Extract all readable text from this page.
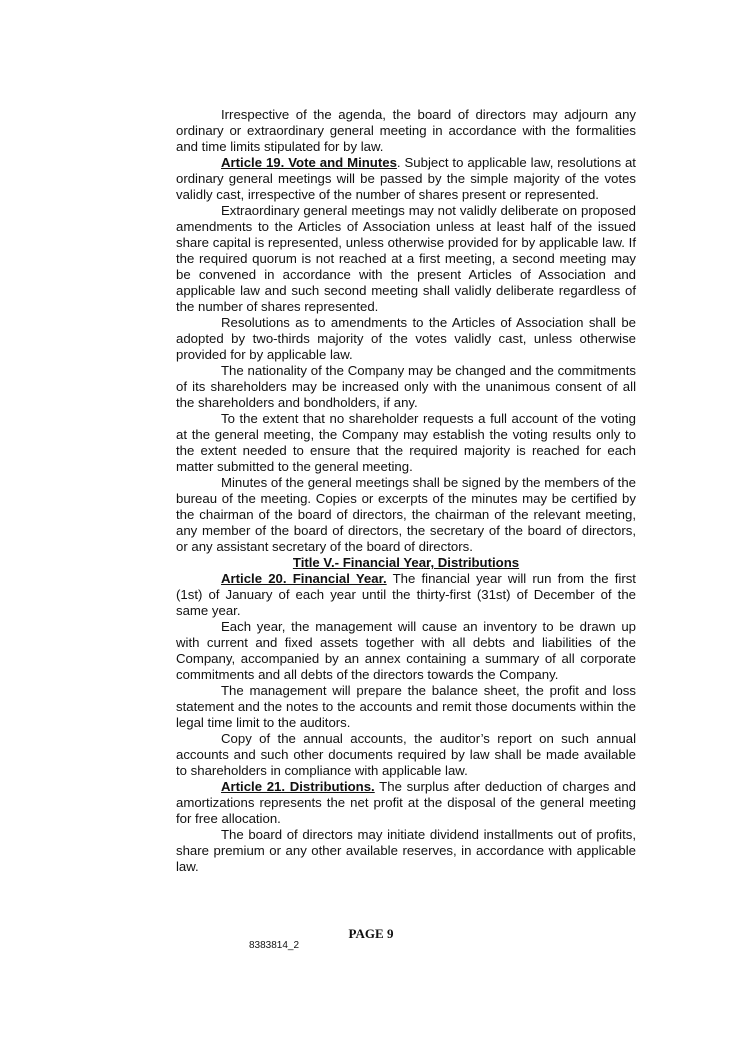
Irrespective of the agenda, the board of directors may adjourn any ordinary or extraordinary general meeting in accordance with the formalities and time limits stipulated for by law.

Article 19. Vote and Minutes. Subject to applicable law, resolutions at ordinary general meetings will be passed by the simple majority of the votes validly cast, irrespective of the number of shares present or represented.

Extraordinary general meetings may not validly deliberate on proposed amendments to the Articles of Association unless at least half of the issued share capital is represented, unless otherwise provided for by applicable law. If the required quorum is not reached at a first meeting, a second meeting may be convened in accordance with the present Articles of Association and applicable law and such second meeting shall validly deliberate regardless of the number of shares represented.

Resolutions as to amendments to the Articles of Association shall be adopted by two-thirds majority of the votes validly cast, unless otherwise provided for by applicable law.

The nationality of the Company may be changed and the commitments of its shareholders may be increased only with the unanimous consent of all the shareholders and bondholders, if any.

To the extent that no shareholder requests a full account of the voting at the general meeting, the Company may establish the voting results only to the extent needed to ensure that the required majority is reached for each matter submitted to the general meeting.

Minutes of the general meetings shall be signed by the members of the bureau of the meeting. Copies or excerpts of the minutes may be certified by the chairman of the board of directors, the chairman of the relevant meeting, any member of the board of directors, the secretary of the board of directors, or any assistant secretary of the board of directors.

Title V.- Financial Year, Distributions

Article 20. Financial Year. The financial year will run from the first (1st) of January of each year until the thirty-first (31st) of December of the same year.

Each year, the management will cause an inventory to be drawn up with current and fixed assets together with all debts and liabilities of the Company, accompanied by an annex containing a summary of all corporate commitments and all debts of the directors towards the Company.

The management will prepare the balance sheet, the profit and loss statement and the notes to the accounts and remit those documents within the legal time limit to the auditors.

Copy of the annual accounts, the auditor’s report on such annual accounts and such other documents required by law shall be made available to shareholders in compliance with applicable law.

Article 21. Distributions. The surplus after deduction of charges and amortizations represents the net profit at the disposal of the general meeting for free allocation.

The board of directors may initiate dividend installments out of profits, share premium or any other available reserves, in accordance with applicable law.

PAGE 9
8383814_2
